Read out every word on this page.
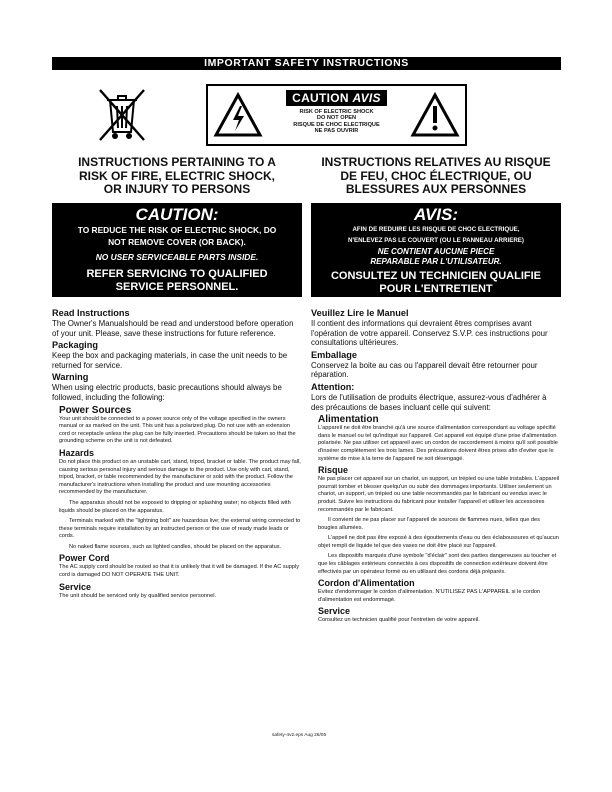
IMPORTANT SAFETY INSTRUCTIONS
CAUTION AVIS
RISK OF ELECTRIC SHOCK
DO NOT OPEN
RISQUE DE CHOC ELECTRIQUE
NE PAS OUVRIR
INSTRUCTIONS PERTAINING TO A
RISK OF FIRE, ELECTRIC SHOCK,
OR INJURY TO PERSONS
CAUTION:
TO REDUCE THE RISK OF ELECTRIC SHOCK, DO
NOT REMOVE COVER (OR BACK).
NO USER SERVICEABLE PARTS INSIDE.
REFER SERVICING TO QUALIFIED
SERVICE PERSONNEL.
Read Instructions

The Owner's Manualshould be read and understood before operation of your unit. Please, save these instructions for future reference.

Packaging

Keep the box and packaging materials, in case the unit needs to be returned for service.

Warning

When using electric products, basic precautions should always be followed, including the following:

Power Sources

Your unit should be connected to a power source only of the voltage specified in the owners manual or as marked on the unit. This unit has a polarized plug. Do not use with an extension cord or receptacle unless the plug can be fully inserted. Precautions should be taken so that the grounding scheme on the unit is not defeated.

Hazards

Do not place this product on an unstable cart, stand, tripod, bracket or table. The product may fall, causing serious personal injury and serious damage to the product. Use only with cart, stand, tripod, bracket, or table recommended by the manufacturer or sold with the product. Follow the manufacturer's instructions when installing the product and use mounting accessories recommended by the manufacturer.

The apparatus should not be exposed to dripping or splashing water; no objects filled with liquids should be placed on the apparatus.

Terminals marked with the "lightning bolt" are hazardous live; the external wiring connected to these terminals require installation by an instructed person or the use of ready made leads or cords.

No naked flame sources, such as lighted candles, should be placed on the apparatus.

Power Cord

The AC supply cord should be routed so that it is unlikely that it will be damaged. If the AC supply cord is damaged DO NOT OPERATE THE UNIT.

Service

The unit should be serviced only by qualified service personnel.

INSTRUCTIONS RELATIVES AU RISQUE
DE FEU, CHOC ÉLECTRIQUE, OU
BLESSURES AUX PERSONNES
AVIS:
AFIN DE REDUIRE LES RISQUE DE CHOC ELECTRIQUE,
N'ENLEVEZ PAS LE COUVERT (OU LE PANNEAU ARRIERE)
NE CONTIENT AUCUNE PIECE
REPARABLE PAR L'UTILISATEUR.
CONSULTEZ UN TECHNICIEN QUALIFIE
POUR L'ENTRETIENT
Veuillez Lire le Manuel

Il contient des informations qui devraient êtres comprises avant l'opération de votre appareil. Conservez S.V.P. ces instructions pour consultations ultérieures.

Emballage

Conservez la boite au cas ou l'appareil devait être retourner pour réparation.

Attention:

Lors de l'utilisation de produits électrique, assurez-vous d'adhérer à des précautions de bases incluant celle qui suivent:

Alimentation

L'appareil ne doit être branché qu'à une source d'alimentation correspondant au voltage spécifié dans le manuel ou tel qu'indiqué sur l'appareil. Cet appareil est équipé d'une prise d'alimentation polarisée. Ne pas utiliser cet appareil avec un cordon de raccordement à moins qu'il soit possible d'insérer complètement les trois lames. Des précautions doivent êtres prises afin d'eviter que le système de mise à la terre de l'appareil ne soit désengagé.

Risque

Ne pas placer cet appareil sur un chariot, un support, un trépied ou une table instables. L'appareil pourrait tomber et blesser quelqu'un ou subir des dommages importants. Utiliser seulement un chariot, un support, un trépied ou une table recommandés par le fabricant ou vendus avec le produit. Suivre les instructions du fabricant pour installer l'appareil et utiliser les accessoires recommandés par le fabricant.

Il convient de ne pas placer sur l'appareil de sources de flammes nues, telles que des bougies allumées.

L'appeil ne doit pas être exposé à des égouttements d'eau ou des éclaboussures et qu'aucun objet rempli de liquide tel que des vases ne doit être placé sur l'appareil.

Les dispositifs marqués d'une symbole "d'éclair" sont des parties dangereuses au toucher et que les câblages extérieurs connectés à ces dispositifs de connection extérieure doivent être effectivés par un opérateur formé ou en utilisant des cordons déjà préparés.

Cordon d'Alimentation

Evitez d'endommager le cordon d'alimentation. N'UTILISEZ PAS L'APPAREIL si le cordon d'alimentation est endommagé.

Service

Consultez un technicien qualifié pour l'entretien de votre appareil.

safety-4v2.eps Aug 26/05
